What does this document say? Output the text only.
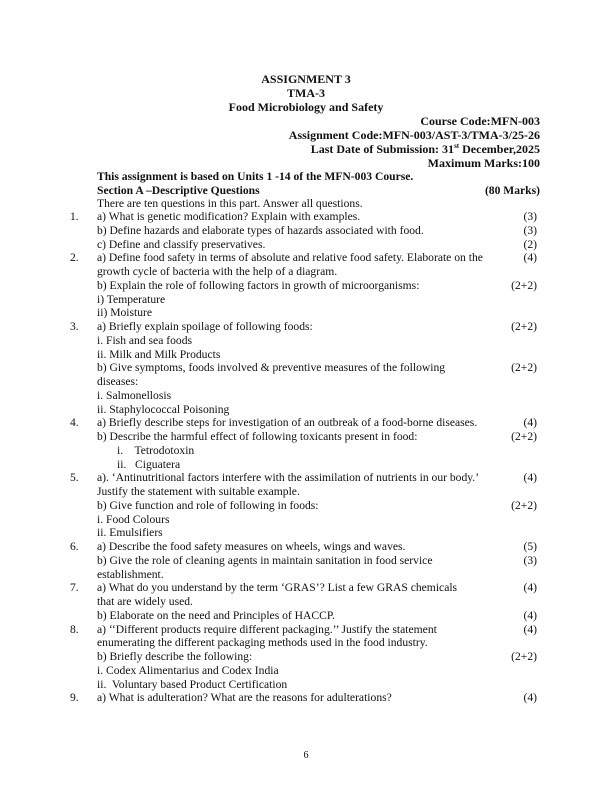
ASSIGNMENT 3
TMA-3
Food Microbiology and Safety
Course Code:MFN-003
Assignment Code:MFN-003/AST-3/TMA-3/25-26
Last Date of Submission: 31st December,2025
Maximum Marks:100
This assignment is based on Units 1 -14 of the MFN-003 Course.
Section A –Descriptive Questions	(80 Marks)
There are ten questions in this part. Answer all questions.
1. a) What is genetic modification? Explain with examples.	(3)
b) Define hazards and elaborate types of hazards associated with food.	(3)
c) Define and classify preservatives.	(2)
2. a) Define food safety in terms of absolute and relative food safety. Elaborate on the	(4)
growth cycle of bacteria with the help of a diagram.
b) Explain the role of following factors in growth of microorganisms:	(2+2)
i) Temperature
ii) Moisture
3. a) Briefly explain spoilage of following foods:	(2+2)
i. Fish and sea foods
ii. Milk and Milk Products
b) Give symptoms, foods involved & preventive measures of the following	(2+2)
diseases:
i. Salmonellosis
ii. Staphylococcal Poisoning
4. a) Briefly describe steps for investigation of an outbreak of a food-borne diseases.	(4)
b) Describe the harmful effect of following toxicants present in food:	(2+2)
i.    Tetrodotoxin
ii.   Ciguatera
5. a). ‘Antinutritional factors interfere with the assimilation of nutrients in our body.’	(4)
Justify the statement with suitable example.
b) Give function and role of following in foods:	(2+2)
i. Food Colours
ii. Emulsifiers
6. a) Describe the food safety measures on wheels, wings and waves.	(5)
b) Give the role of cleaning agents in maintain sanitation in food service	(3)
establishment.
7. a) What do you understand by the term ‘GRAS’? List a few GRAS chemicals	(4)
that are widely used.
b) Elaborate on the need and Principles of HACCP.	(4)
8. a) ‘‘Different products require different packaging.’’ Justify the statement	(4)
enumerating the different packaging methods used in the food industry.
b) Briefly describe the following:	(2+2)
i. Codex Alimentarius and Codex India
ii.  Voluntary based Product Certification
9. a) What is adulteration? What are the reasons for adulterations?	(4)
6
